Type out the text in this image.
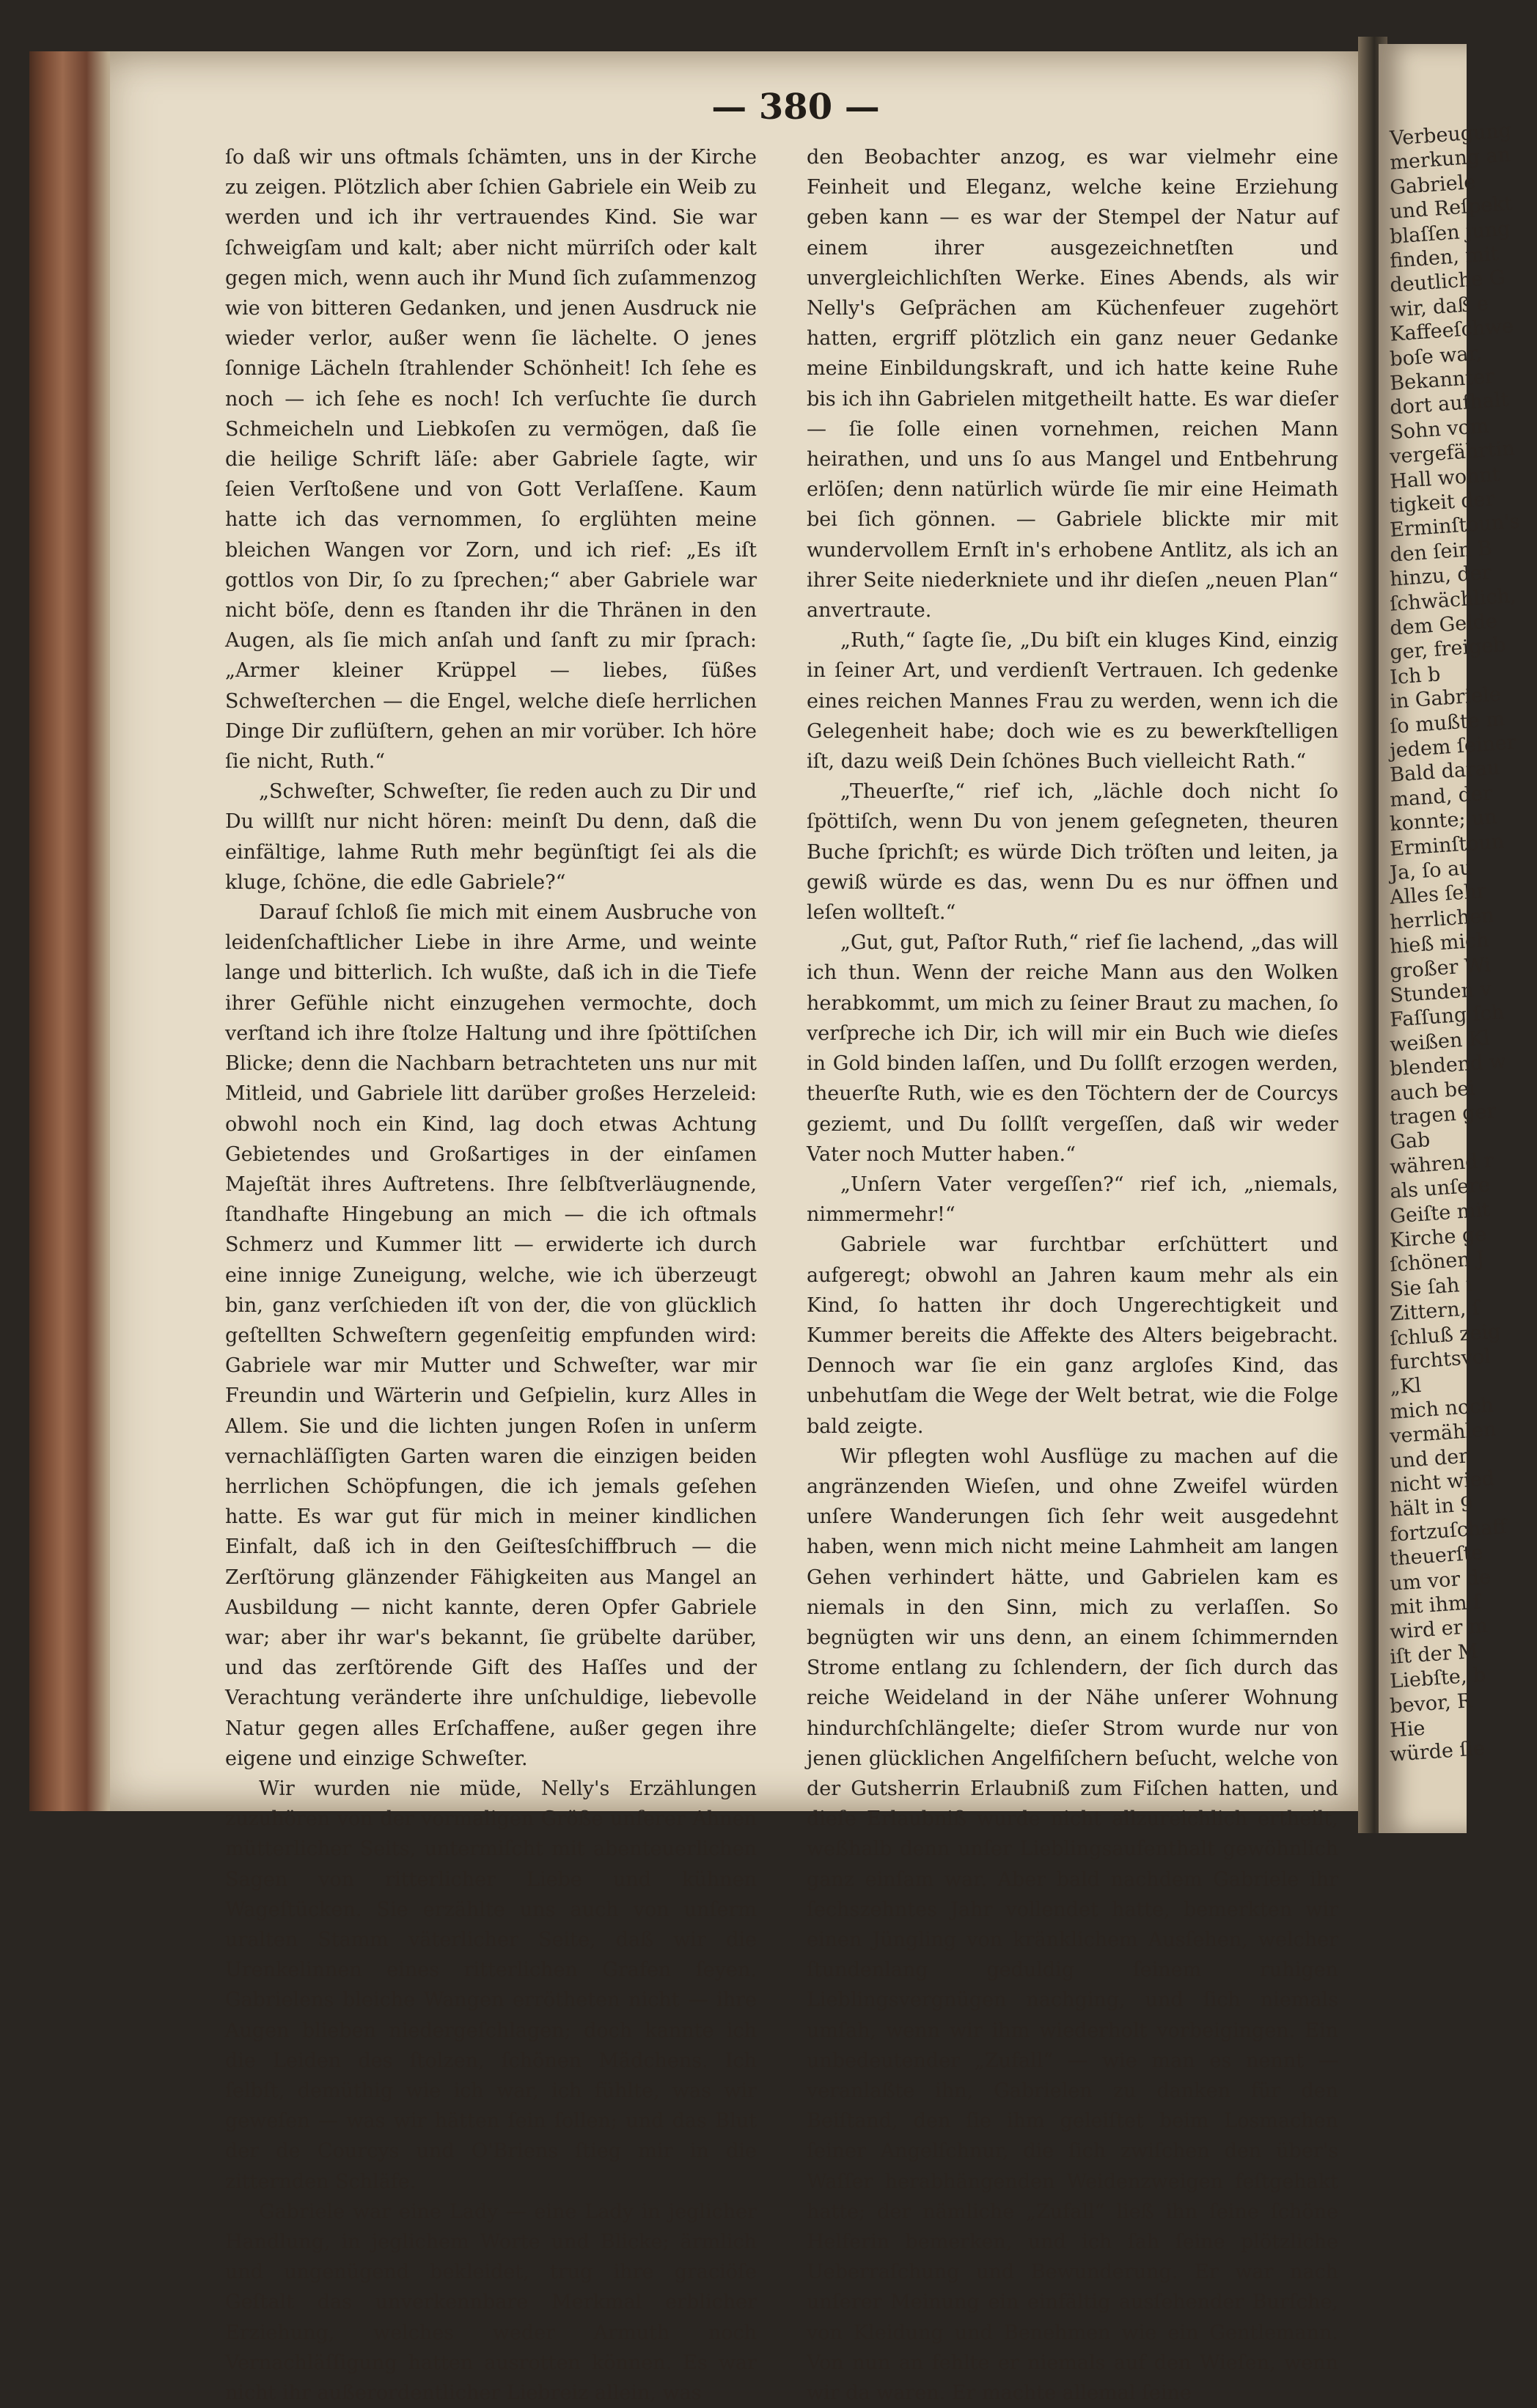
Verbeugung
merkung an
Gabriele
und Reſpekt
blaſſen jung
finden, mit
deutliche G
wir, daß e
Kaffeeſchwe
boſe war,
Bekannter
dort aufhalt
Sohn vom
vergefährtin
Hall wohnt
tigkeit der
Erminſtoun's
den ſein B
hinzu, der
ſchwächlich,
dem Gelde
ger, freigeb
Ich b
in Gabriele
ſo mußte m
jedem ſeiner
Bald darau
mand, der
konnte; un
Erminſtoun
Ja, ſo au
Alles ſehr
herrlichen
hieß mich
großer Wi
Stunden v
Faſſung ſch
weißen Kl
blendend w
auch bei
tragen ger
Gab
während r
als unſere
Geiſte mit
Kirche ge
ſchönen J
Sie ſah i
Zittern, ſ
ſchluß zeig
furchtsvol
„Kl
mich noch
vermählen
und der
nicht wied
hält in 9
fortzuſchaff
theuerſte
um vor de
mit ihm ſ
wird er m
iſt der M
Liebſte, b
bevor, R
Hie
würde ſie
— 380 —

ſo daß wir uns oftmals ſchämten, uns in der Kirche zu zeigen. Plötzlich aber ſchien Gabriele ein Weib zu werden und ich ihr vertrauendes Kind. Sie war ſchweigſam und kalt; aber nicht mürriſch oder kalt gegen mich, wenn auch ihr Mund ſich zuſammenzog wie von bitteren Gedanken, und jenen Ausdruck nie wieder verlor, außer wenn ſie lächelte. O jenes ſonnige Lächeln ſtrahlender Schönheit! Ich ſehe es noch — ich ſehe es noch! Ich verſuchte ſie durch Schmeicheln und Liebkoſen zu vermögen, daß ſie die heilige Schrift läſe: aber Gabriele ſagte, wir ſeien Verſtoßene und von Gott Verlaſſene. Kaum hatte ich das vernommen, ſo erglühten meine bleichen Wangen vor Zorn, und ich rief: „Es iſt gottlos von Dir, ſo zu ſprechen;“ aber Gabriele war nicht böſe, denn es ſtanden ihr die Thränen in den Augen, als ſie mich anſah und ſanft zu mir ſprach: „Armer kleiner Krüppel — liebes, ſüßes Schweſterchen — die Engel, welche dieſe herrlichen Dinge Dir zuflüſtern, gehen an mir vorüber. Ich höre ſie nicht, Ruth.“

„Schweſter, Schweſter, ſie reden auch zu Dir und Du willſt nur nicht hören: meinſt Du denn, daß die einfältige, lahme Ruth mehr begünſtigt ſei als die kluge, ſchöne, die edle Gabriele?“

Darauf ſchloß ſie mich mit einem Ausbruche von leidenſchaftlicher Liebe in ihre Arme, und weinte lange und bitterlich. Ich wußte, daß ich in die Tiefe ihrer Gefühle nicht einzugehen vermochte, doch verſtand ich ihre ſtolze Haltung und ihre ſpöttiſchen Blicke; denn die Nachbarn betrachteten uns nur mit Mitleid, und Gabriele litt darüber großes Herzeleid: obwohl noch ein Kind, lag doch etwas Achtung Gebietendes und Großartiges in der einſamen Majeſtät ihres Auftretens. Ihre ſelbſtverläugnende, ſtandhafte Hingebung an mich — die ich oftmals Schmerz und Kummer litt — erwiderte ich durch eine innige Zuneigung, welche, wie ich überzeugt bin, ganz verſchieden iſt von der, die von glücklich geſtellten Schweſtern gegenſeitig empfunden wird: Gabriele war mir Mutter und Schweſter, war mir Freundin und Wärterin und Geſpielin, kurz Alles in Allem. Sie und die lichten jungen Roſen in unſerm vernachläſſigten Garten waren die einzigen beiden herrlichen Schöpfungen, die ich jemals geſehen hatte. Es war gut für mich in meiner kindlichen Einfalt, daß ich in den Geiſtesſchiffbruch — die Zerſtörung glänzender Fähigkeiten aus Mangel an Ausbildung — nicht kannte, deren Opfer Gabriele war; aber ihr war's bekannt, ſie grübelte darüber, und das zerſtörende Gift des Haſſes und der Verachtung veränderte ihre unſchuldige, liebevolle Natur gegen alles Erſchaffene, außer gegen ihre eigene und einzige Schweſter.

Wir wurden nie müde, Nelly's Erzählungen zuzuhören von der vormaligen Größe unſerer Ahnen mütterlicher Seits, untermiſcht mit abenteuerlichen Sagen von ritterlicher Liebe und kühnen Wageſtücken. Sie erzählte uns auch von unſerm uralten Stamm väterlicher Seite, daß wir die Urenkelinnen eines ritterlichen Grafen ſeyen. Gabrielens bleiche Wangen errötheten nicht — ihre Augen blieben niedergeſchlagen; doch kannte ich die Leiden des ſtolzen, ſchönen Mädchens. Ich ſelbſt, demüthig wie ich war, ich fühlte, was wir geweſen — was wir hätten ſein ſollen; und das Blut der de Courcys und O'Briens ſtieg mir in die zitternden Schläfe.

Gabriele war eine Lady — eine Lady in jeglicher Handlung, in jeglichem Worte und Blicke; ärmlich und ungenügend bekleidet, trug ihre graciöſe Geſtalt das unverkennbare Merkmal erblicher Erziehung, welches weder Armuth noch Vernachläſſigung hatten ausrotten können. Es war nicht ihr außerordentlicher Liebreiz allein, was

den Beobachter anzog, es war vielmehr eine Feinheit und Eleganz, welche keine Erziehung geben kann — es war der Stempel der Natur auf einem ihrer ausgezeichnetſten und unvergleichlichſten Werke. Eines Abends, als wir Nelly's Geſprächen am Küchenfeuer zugehört hatten, ergriff plötzlich ein ganz neuer Gedanke meine Einbildungskraft, und ich hatte keine Ruhe bis ich ihn Gabrielen mitgetheilt hatte. Es war dieſer — ſie ſolle einen vornehmen, reichen Mann heirathen, und uns ſo aus Mangel und Entbehrung erlöſen; denn natürlich würde ſie mir eine Heimath bei ſich gönnen. — Gabriele blickte mir mit wundervollem Ernſt in's erhobene Antlitz, als ich an ihrer Seite niederkniete und ihr dieſen „neuen Plan“ anvertraute.

„Ruth,“ ſagte ſie, „Du biſt ein kluges Kind, einzig in ſeiner Art, und verdienſt Vertrauen. Ich gedenke eines reichen Mannes Frau zu werden, wenn ich die Gelegenheit habe; doch wie es zu bewerkſtelligen iſt, dazu weiß Dein ſchönes Buch vielleicht Rath.“

„Theuerſte,“ rief ich, „lächle doch nicht ſo ſpöttiſch, wenn Du von jenem geſegneten, theuren Buche ſprichſt; es würde Dich tröſten und leiten, ja gewiß würde es das, wenn Du es nur öffnen und leſen wollteſt.“

„Gut, gut, Paſtor Ruth,“ rief ſie lachend, „das will ich thun. Wenn der reiche Mann aus den Wolken herabkommt, um mich zu ſeiner Braut zu machen, ſo verſpreche ich Dir, ich will mir ein Buch wie dieſes in Gold binden laſſen, und Du ſollſt erzogen werden, theuerſte Ruth, wie es den Töchtern der de Courcys geziemt, und Du ſollſt vergeſſen, daß wir weder Vater noch Mutter haben.“

„Unſern Vater vergeſſen?“ rief ich, „niemals, nimmermehr!“

Gabriele war furchtbar erſchüttert und aufgeregt; obwohl an Jahren kaum mehr als ein Kind, ſo hatten ihr doch Ungerechtigkeit und Kummer bereits die Affekte des Alters beigebracht. Dennoch war ſie ein ganz argloſes Kind, das unbehutſam die Wege der Welt betrat, wie die Folge bald zeigte.

Wir pflegten wohl Ausflüge zu machen auf die angränzenden Wieſen, und ohne Zweifel würden unſere Wanderungen ſich ſehr weit ausgedehnt haben, wenn mich nicht meine Lahmheit am langen Gehen verhindert hätte, und Gabrielen kam es niemals in den Sinn, mich zu verlaſſen. So begnügten wir uns denn, an einem ſchimmernden Strome entlang zu ſchlendern, der ſich durch das reiche Weideland in der Nähe unſerer Wohnung hindurchſchlängelte; dieſer Strom wurde nur von jenen glücklichen Angelfiſchern beſucht, welche von der Gutsherrin Erlaubniß zum Fiſchen hatten, und dieſe Erlaubniß wurde nicht allzureichlich ertheilt, weßhalb denn unſer Lieblingsaufenthalt gewöhnlich ganz einſam war. Aber bald nachdem Gabriele ihr ſechszehntes Jahr vollendet hatte, bemerkten wir einen Jüngling von kränklichem Ausſehen, welcher ſtundenlang geduldig ſeinem ruhigen Lieblingsvergnügen nachging, und ſich niemals umſah, wenn wir ihm wiederholt vorbeigingen. Ein unbedeutender „Zufall“ — wie man es nennt — veranlaßte ihn, Gabrielen zu danken für den Beiſtand, den ſie ihm geleiſtet beim Losmachen ſeiner Angelſchnur, die ſich zwiſchen den über's Waſſer herabhängenden Weidenzweigen feſtgehakt hatte; der nämliche „Zufall“ ließ ihn ſeine ſchöne Helferin bemerken, und ich ſah ſeine plötzliche Ueberraſchung und Bewunderung. Er war nach unſerer Meinung ein einfältig ausſehender Burſche, von Kleidung und Benehmen wie ein Gentlemann. Von nun an fehlte er niemals auf den Wieſen, wenn wir da waren. Er machte allemal ſeine
